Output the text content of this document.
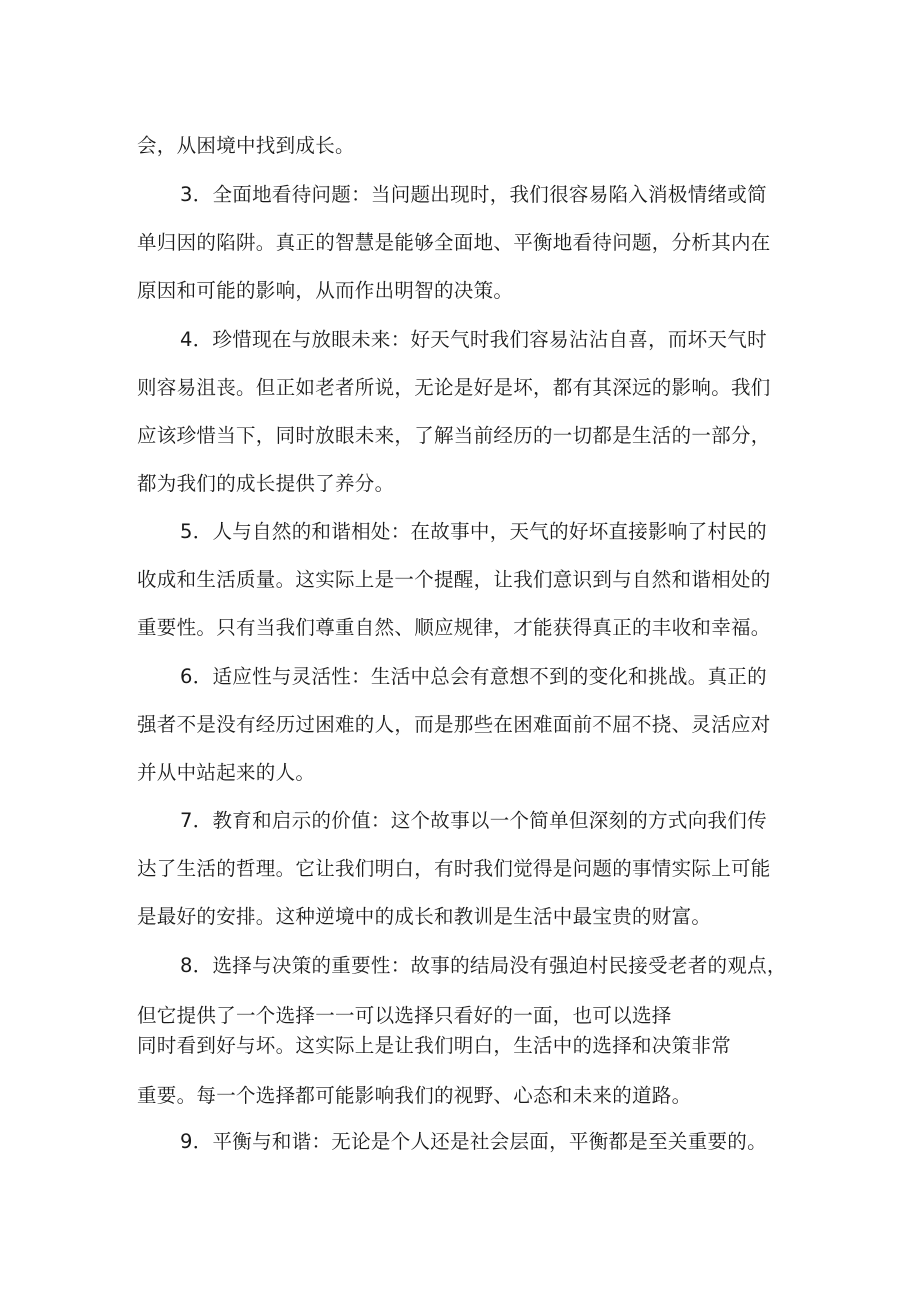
会，从困境中找到成长。
3．全面地看待问题：当问题出现时，我们很容易陷入消极情绪或简
单归因的陷阱。真正的智慧是能够全面地、平衡地看待问题，分析其内在
原因和可能的影响，从而作出明智的决策。
4．珍惜现在与放眼未来：好天气时我们容易沾沾自喜，而坏天气时
则容易沮丧。但正如老者所说，无论是好是坏，都有其深远的影响。我们
应该珍惜当下，同时放眼未来，了解当前经历的一切都是生活的一部分，
都为我们的成长提供了养分。
5．人与自然的和谐相处：在故事中，天气的好坏直接影响了村民的
收成和生活质量。这实际上是一个提醒，让我们意识到与自然和谐相处的
重要性。只有当我们尊重自然、顺应规律，才能获得真正的丰收和幸福。
6．适应性与灵活性：生活中总会有意想不到的变化和挑战。真正的
强者不是没有经历过困难的人，而是那些在困难面前不屈不挠、灵活应对
并从中站起来的人。
7．教育和启示的价值：这个故事以一个简单但深刻的方式向我们传
达了生活的哲理。它让我们明白，有时我们觉得是问题的事情实际上可能
是最好的安排。这种逆境中的成长和教训是生活中最宝贵的财富。
8．选择与决策的重要性：故事的结局没有强迫村民接受老者的观点，
但它提供了一个选择一一可以选择只看好的一面，也可以选择
同时看到好与坏。这实际上是让我们明白，生活中的选择和决策非常
重要。每一个选择都可能影响我们的视野、心态和未来的道路。
9．平衡与和谐：无论是个人还是社会层面，平衡都是至关重要的。
